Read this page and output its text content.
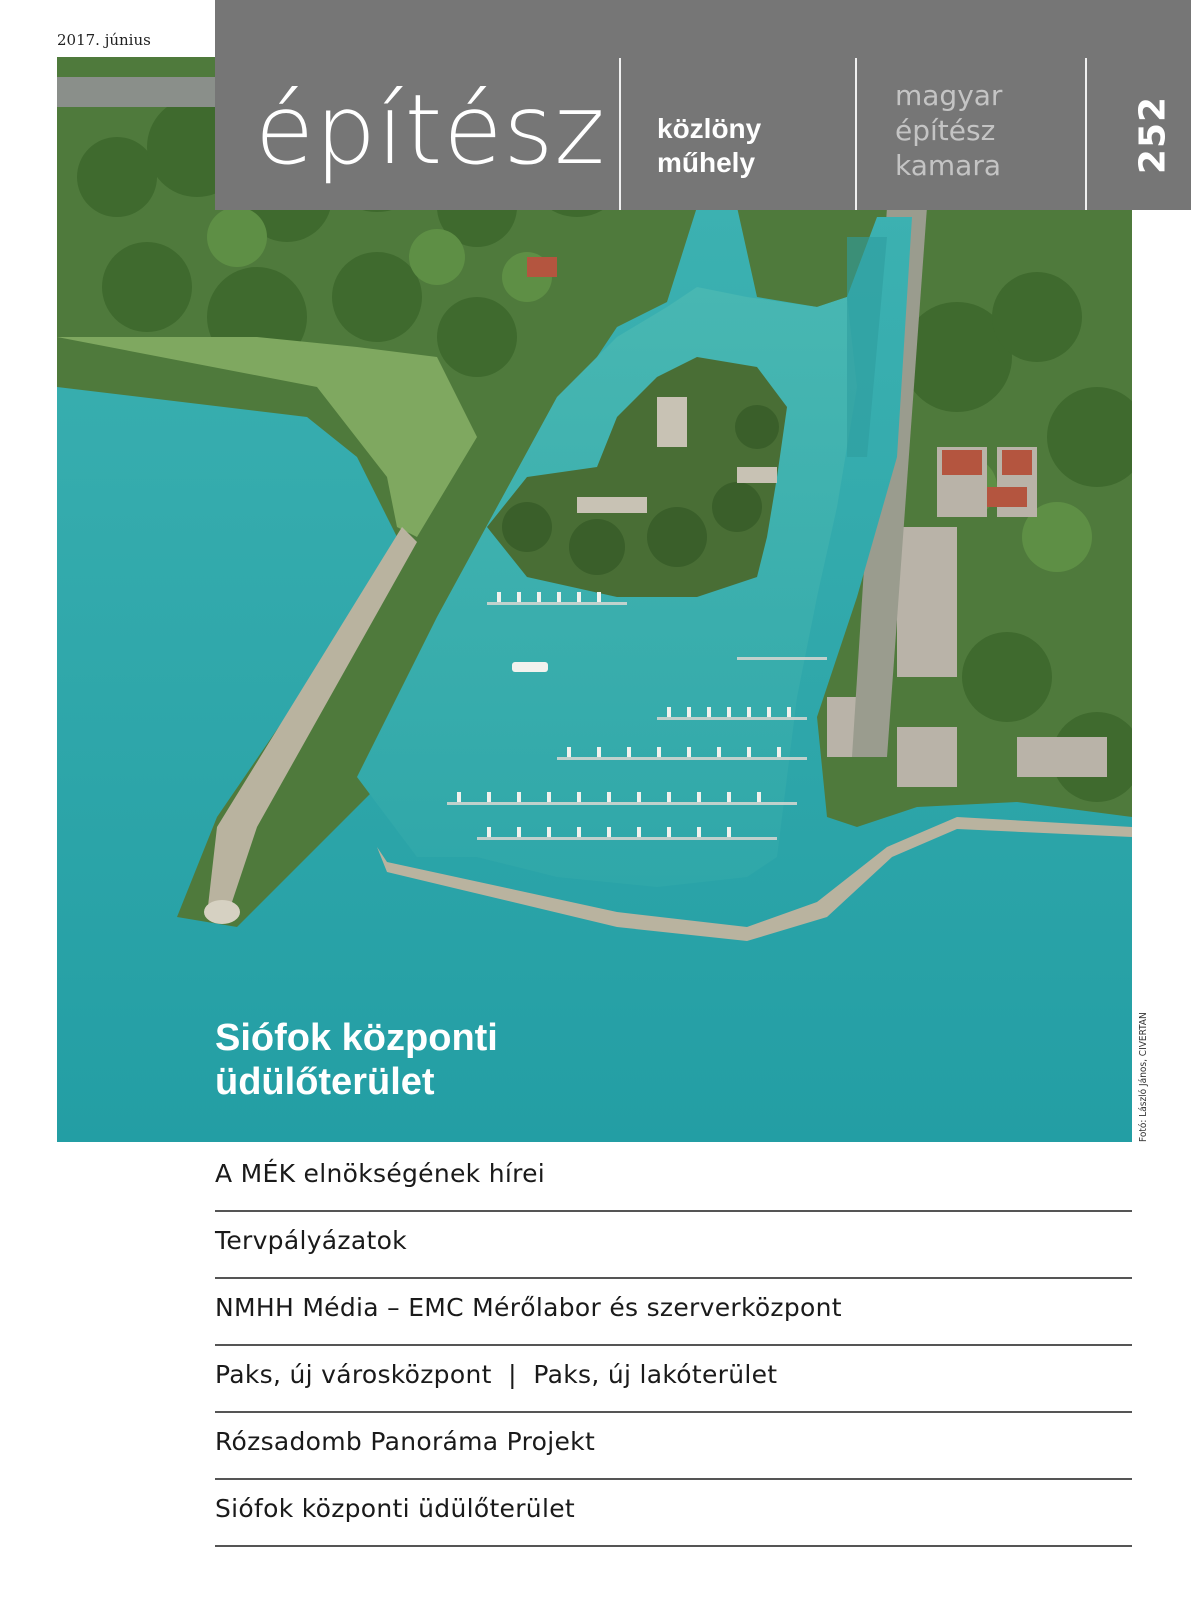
2017. június
építész közlöny
műhely
magyar
építész
kamara	252
Siófok központi
üdülőterület	Fotó: László János, CIVERTAN
A MÉK elnökségének hírei
Tervpályázatok
NMHH Média – EMC Mérőlabor és szerverközpont
Paks, új városközpont  |  Paks, új lakóterület
Rózsadomb Panoráma Projekt
Siófok központi üdülőterület
